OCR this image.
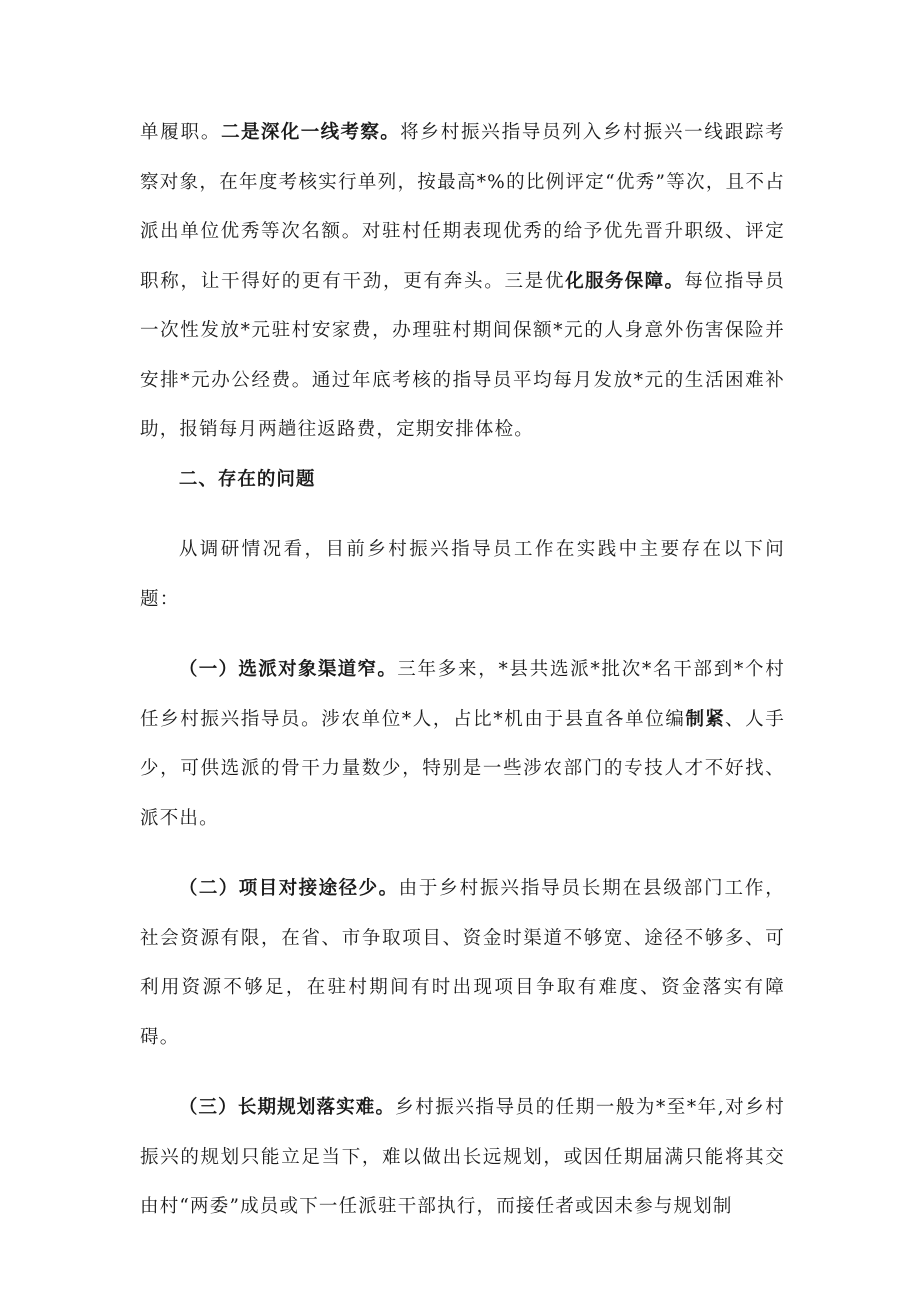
单履职。二是深化一线考察。将乡村振兴指导员列入乡村振兴一线跟踪考察对象，在年度考核实行单列，按最高*%的比例评定“优秀”等次，且不占派出单位优秀等次名额。对驻村任期表现优秀的给予优先晋升职级、评定职称，让干得好的更有干劲，更有奔头。三是优化服务保障。每位指导员一次性发放*元驻村安家费，办理驻村期间保额*元的人身意外伤害保险并安排*元办公经费。通过年底考核的指导员平均每月发放*元的生活困难补助，报销每月两趟往返路费，定期安排体检。

二、存在的问题

从调研情况看，目前乡村振兴指导员工作在实践中主要存在以下问题：

（一）选派对象渠道窄。三年多来，*县共选派*批次*名干部到*个村任乡村振兴指导员。涉农单位*人，占比*机由于县直各单位编制紧、人手少，可供选派的骨干力量数少，特别是一些涉农部门的专技人才不好找、派不出。

（二）项目对接途径少。由于乡村振兴指导员长期在县级部门工作，社会资源有限，在省、市争取项目、资金时渠道不够宽、途径不够多、可利用资源不够足，在驻村期间有时出现项目争取有难度、资金落实有障碍。

（三）长期规划落实难。乡村振兴指导员的任期一般为*至*年,对乡村振兴的规划只能立足当下，难以做出长远规划，或因任期届满只能将其交由村“两委”成员或下一任派驻干部执行，而接任者或因未参与规划制
